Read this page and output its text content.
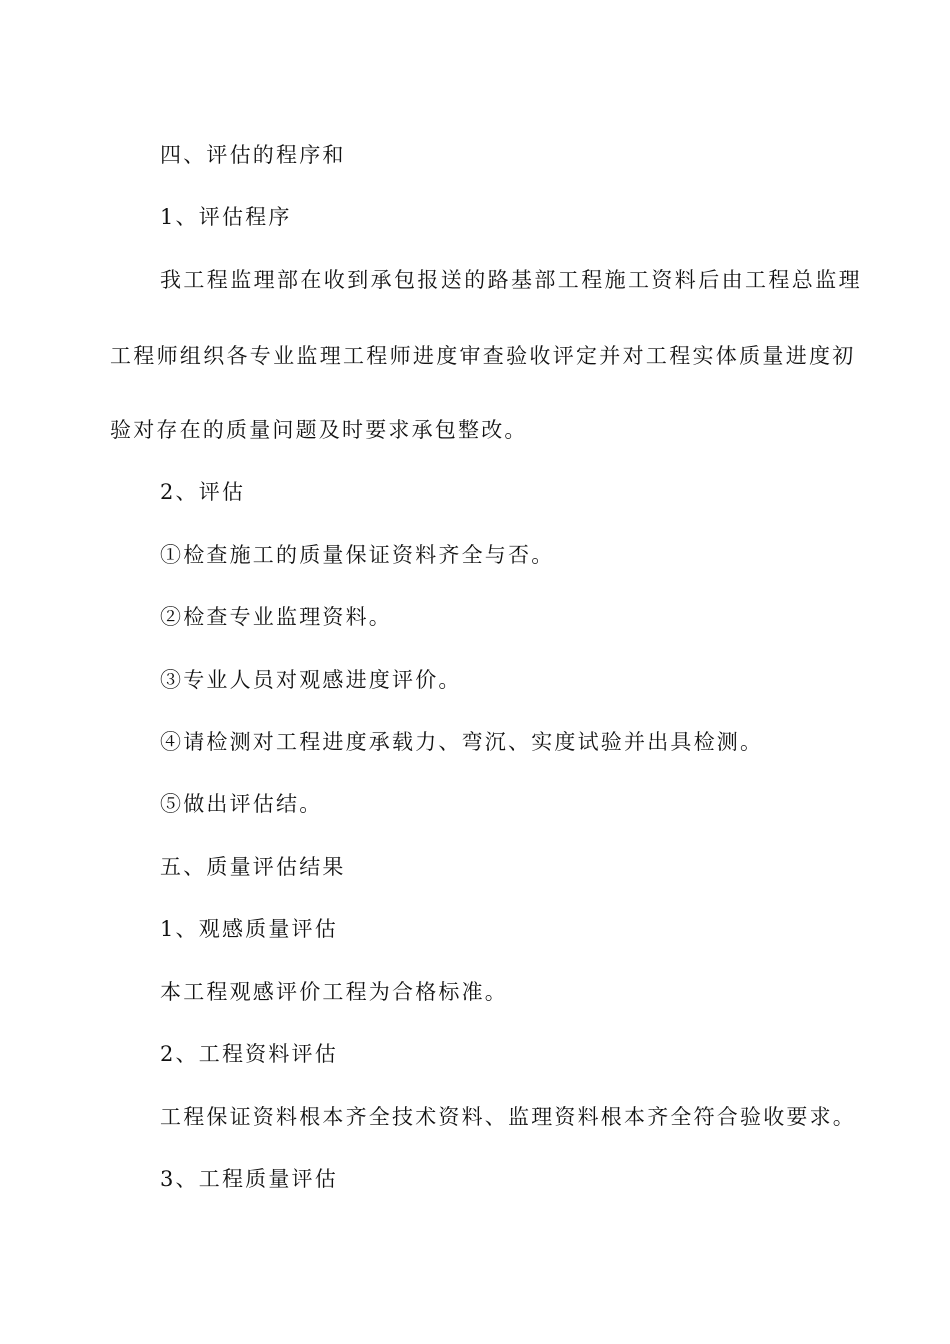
四、评估的程序和
1、评估程序
我工程监理部在收到承包报送的路基部工程施工资料后由工程总监理
工程师组织各专业监理工程师进度审查验收评定并对工程实体质量进度初
验对存在的质量问题及时要求承包整改。
2、评估
①检查施工的质量保证资料齐全与否。
②检查专业监理资料。
③专业人员对观感进度评价。
④请检测对工程进度承载力、弯沉、实度试验并出具检测。
⑤做出评估结。
五、质量评估结果
1、观感质量评估
本工程观感评价工程为合格标准。
2、工程资料评估
工程保证资料根本齐全技术资料、监理资料根本齐全符合验收要求。
3、工程质量评估
